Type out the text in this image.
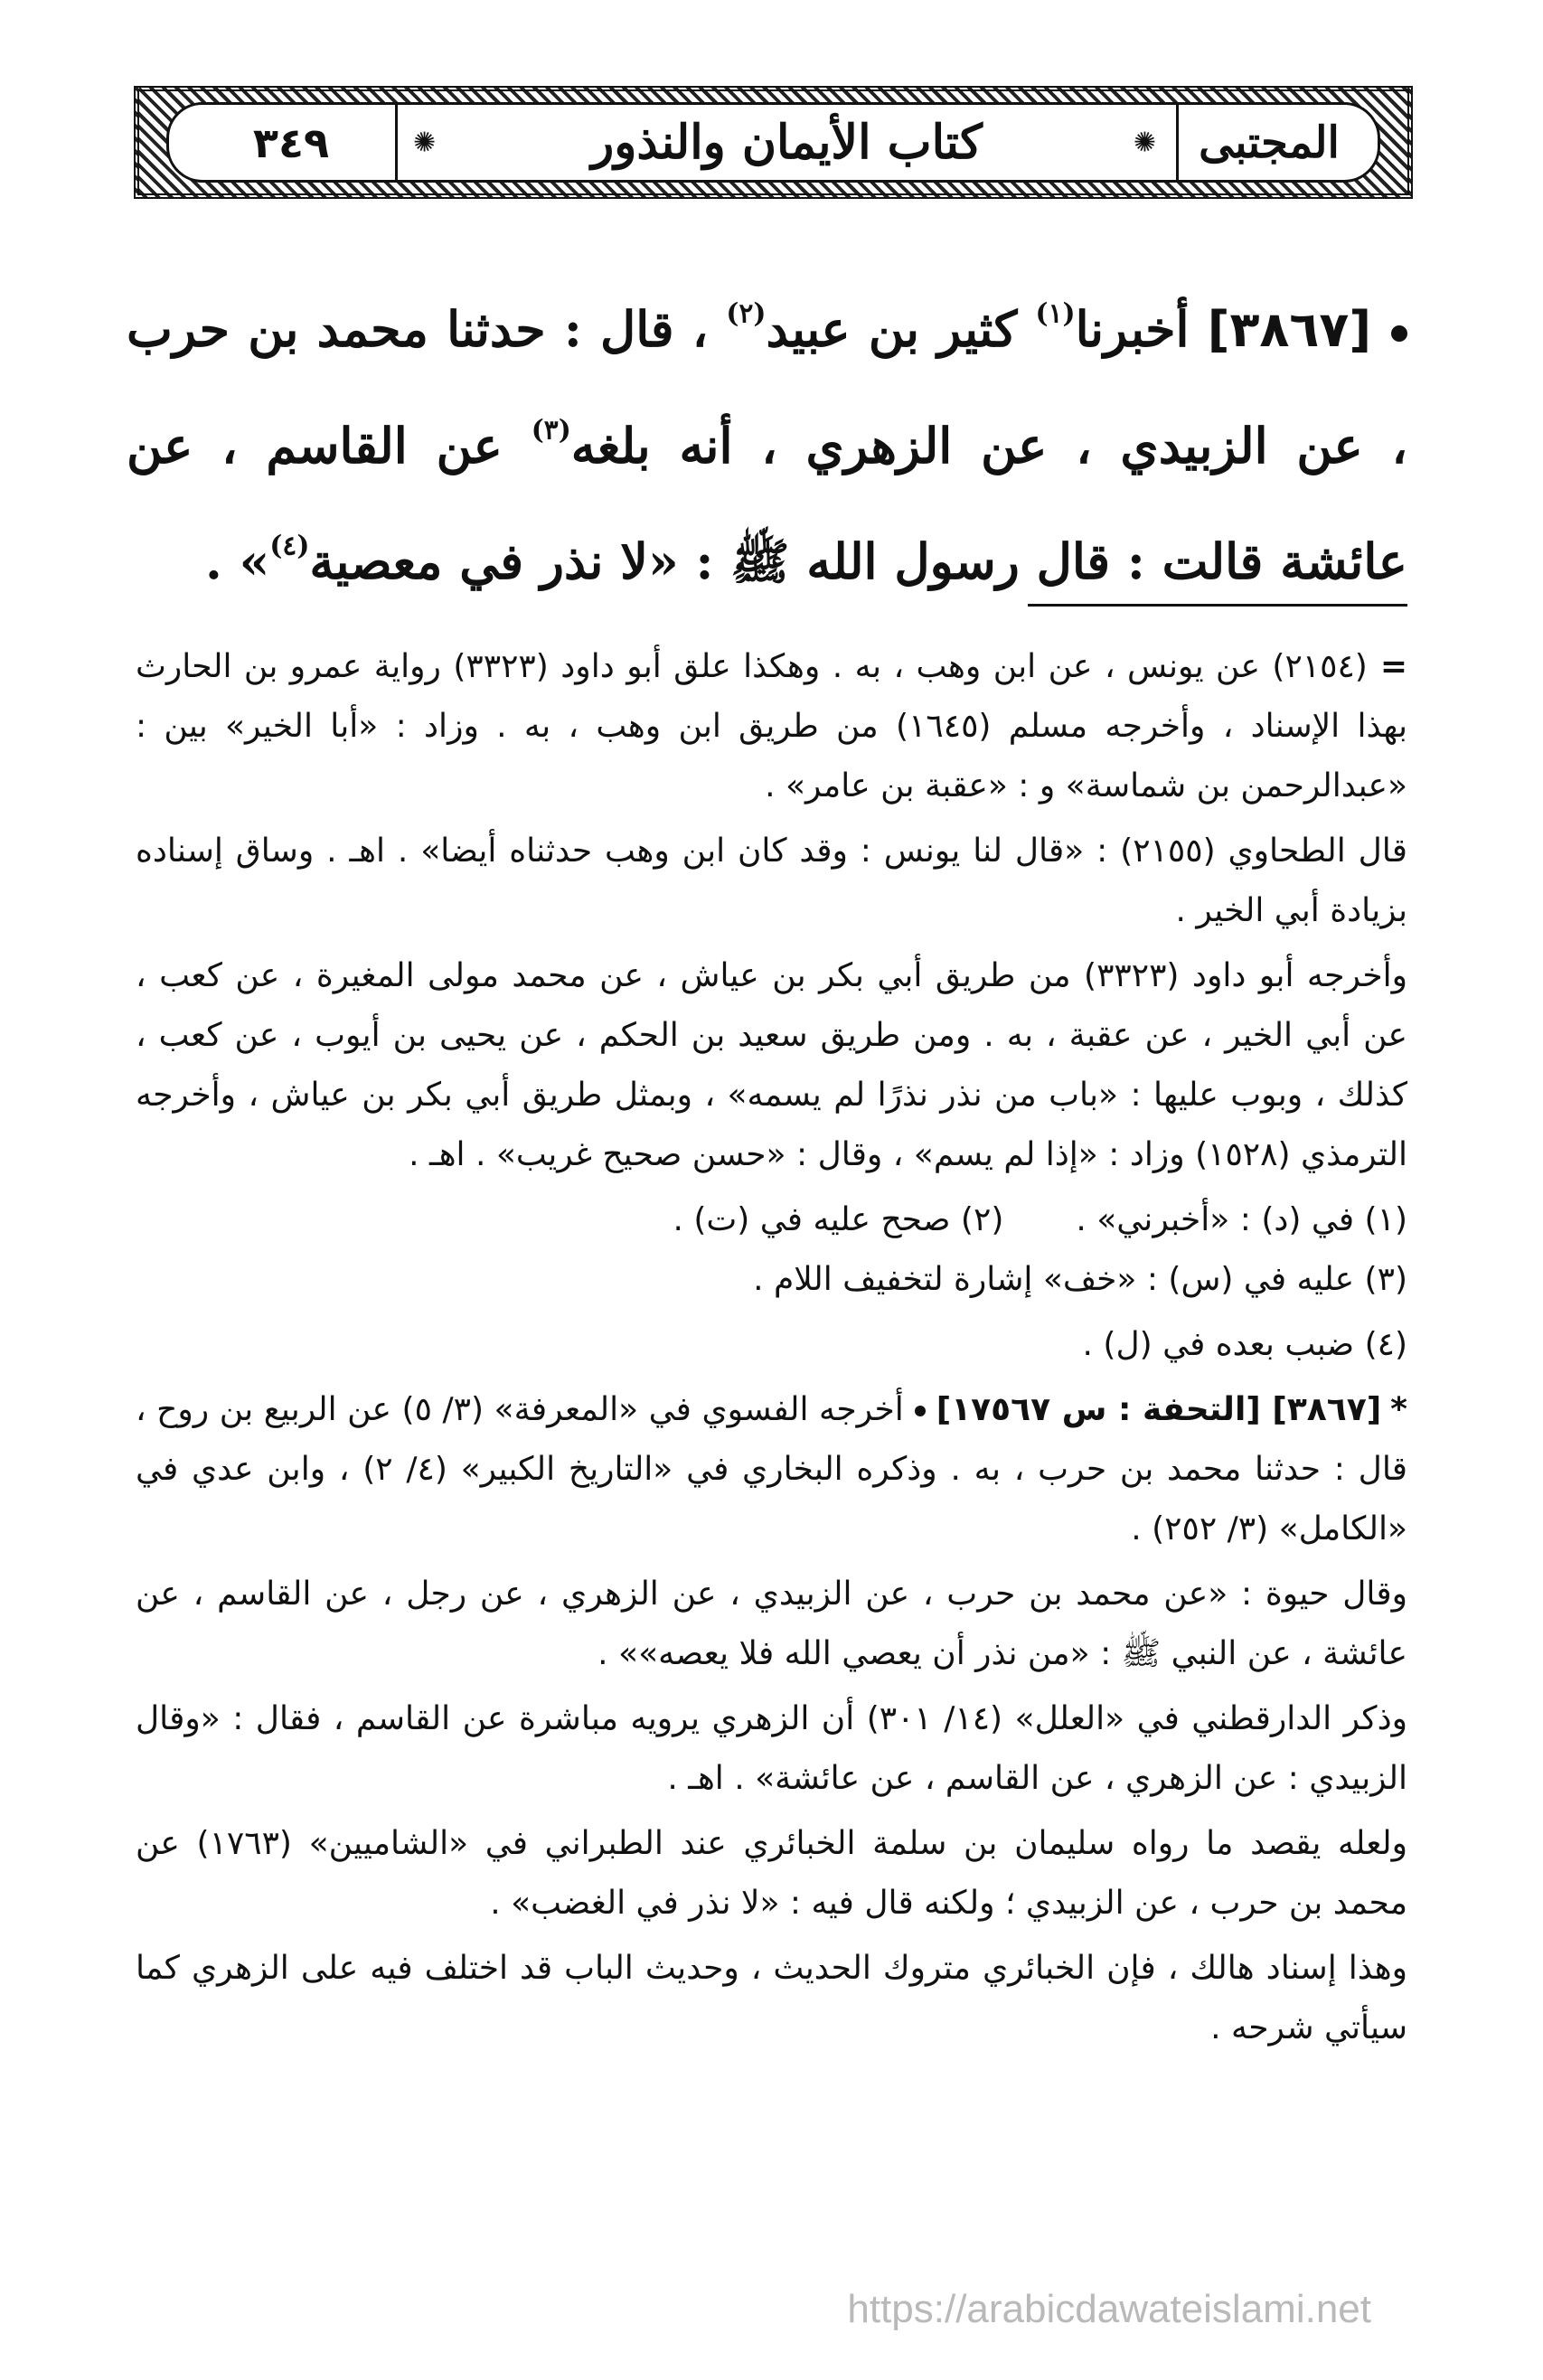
٣٤٩	✺	كتاب الأيمان والنذور	✺ المجتبى
[٣٨٦٧] أخبرنا$^{(١)}$ كثير بن عبيد$^{(٢)}$ ، قال : حدثنا محمد بن حرب ، عن الزبيدي ، عن الزهري ، أنه بلغه$^{(٣)}$ عن القاسم ، عن عائشة قالت : قال رسول الله ﷺ : «لا نذر في معصية$^{(٤)}$» .

=(٢١٥٤) عن يونس ، عن ابن وهب ، به . وهكذا علق أبو داود (٣٣٢٣) رواية عمرو بن الحارث بهذا الإسناد ، وأخرجه مسلم (١٦٤٥) من طريق ابن وهب ، به . وزاد : «أبا الخير» بين : «عبدالرحمن بن شماسة» و : «عقبة بن عامر» .

قال الطحاوي (٢١٥٥) : «قال لنا يونس : وقد كان ابن وهب حدثناه أيضا» . اهـ . وساق إسناده بزيادة أبي الخير .

وأخرجه أبو داود (٣٣٢٣) من طريق أبي بكر بن عياش ، عن محمد مولى المغيرة ، عن كعب ، عن أبي الخير ، عن عقبة ، به . ومن طريق سعيد بن الحكم ، عن يحيى بن أيوب ، عن كعب ، كذلك ، وبوب عليها : «باب من نذر نذرًا لم يسمه» ، وبمثل طريق أبي بكر بن عياش ، وأخرجه الترمذي (١٥٢٨) وزاد : «إذا لم يسم» ، وقال : «حسن صحيح غريب» . اهـ .

(١) في (د) : «أخبرني» .
(٢) صحح عليه في (ت) .

(٣) عليه في (س) : «خف» إشارة لتخفيف اللام .

(٤) ضبب بعده في (ل) .

*[٣٨٦٧] [التحفة : س ١٧٥٦٧]أخرجه الفسوي في «المعرفة» (٣/ ٥) عن الربيع بن روح ، قال : حدثنا محمد بن حرب ، به . وذكره البخاري في «التاريخ الكبير» (٤/ ٢) ، وابن عدي في «الكامل» (٣/ ٢٥٢) .

وقال حيوة : «عن محمد بن حرب ، عن الزبيدي ، عن الزهري ، عن رجل ، عن القاسم ، عن عائشة ، عن النبي ﷺ : «من نذر أن يعصي الله فلا يعصه»» .

وذكر الدارقطني في «العلل» (١٤/ ٣٠١) أن الزهري يرويه مباشرة عن القاسم ، فقال : «وقال الزبيدي : عن الزهري ، عن القاسم ، عن عائشة» . اهـ .

ولعله يقصد ما رواه سليمان بن سلمة الخبائري عند الطبراني في «الشاميين» (١٧٦٣) عن محمد بن حرب ، عن الزبيدي ؛ ولكنه قال فيه : «لا نذر في الغضب» .

وهذا إسناد هالك ، فإن الخبائري متروك الحديث ، وحديث الباب قد اختلف فيه على الزهري كما سيأتي شرحه .

https://arabicdawateislami.net
